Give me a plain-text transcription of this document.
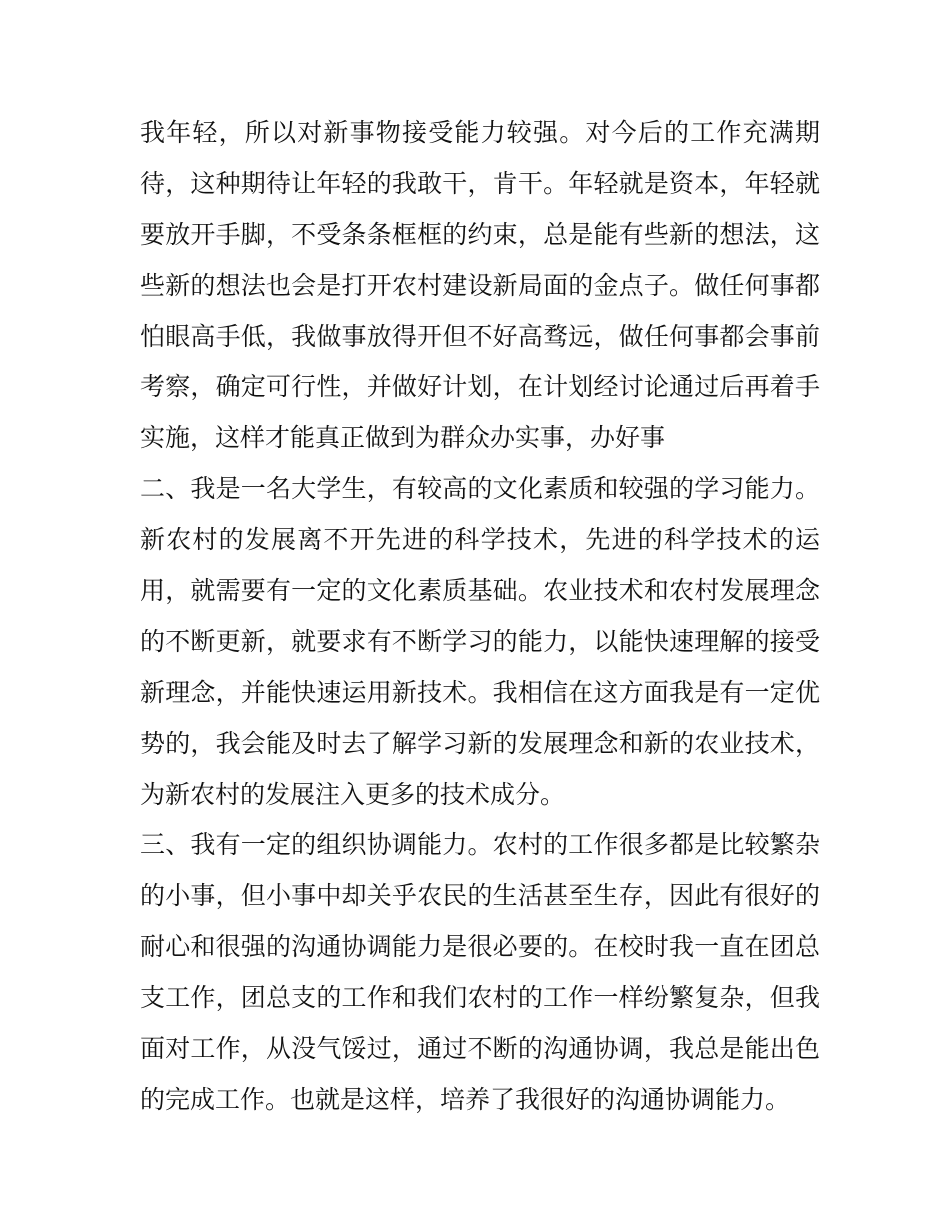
我年轻，所以对新事物接受能力较强。对今后的工作充满期
待，这种期待让年轻的我敢干，肯干。年轻就是资本，年轻就
要放开手脚，不受条条框框的约束，总是能有些新的想法，这
些新的想法也会是打开农村建设新局面的金点子。做任何事都
怕眼高手低，我做事放得开但不好高骛远，做任何事都会事前
考察，确定可行性，并做好计划，在计划经讨论通过后再着手
实施，这样才能真正做到为群众办实事，办好事
二、我是一名大学生，有较高的文化素质和较强的学习能力。
新农村的发展离不开先进的科学技术，先进的科学技术的运
用，就需要有一定的文化素质基础。农业技术和农村发展理念
的不断更新，就要求有不断学习的能力，以能快速理解的接受
新理念，并能快速运用新技术。我相信在这方面我是有一定优
势的，我会能及时去了解学习新的发展理念和新的农业技术，
为新农村的发展注入更多的技术成分。
三、我有一定的组织协调能力。农村的工作很多都是比较繁杂
的小事，但小事中却关乎农民的生活甚至生存，因此有很好的
耐心和很强的沟通协调能力是很必要的。在校时我一直在团总
支工作，团总支的工作和我们农村的工作一样纷繁复杂，但我
面对工作，从没气馁过，通过不断的沟通协调，我总是能出色
的完成工作。也就是这样，培养了我很好的沟通协调能力。
